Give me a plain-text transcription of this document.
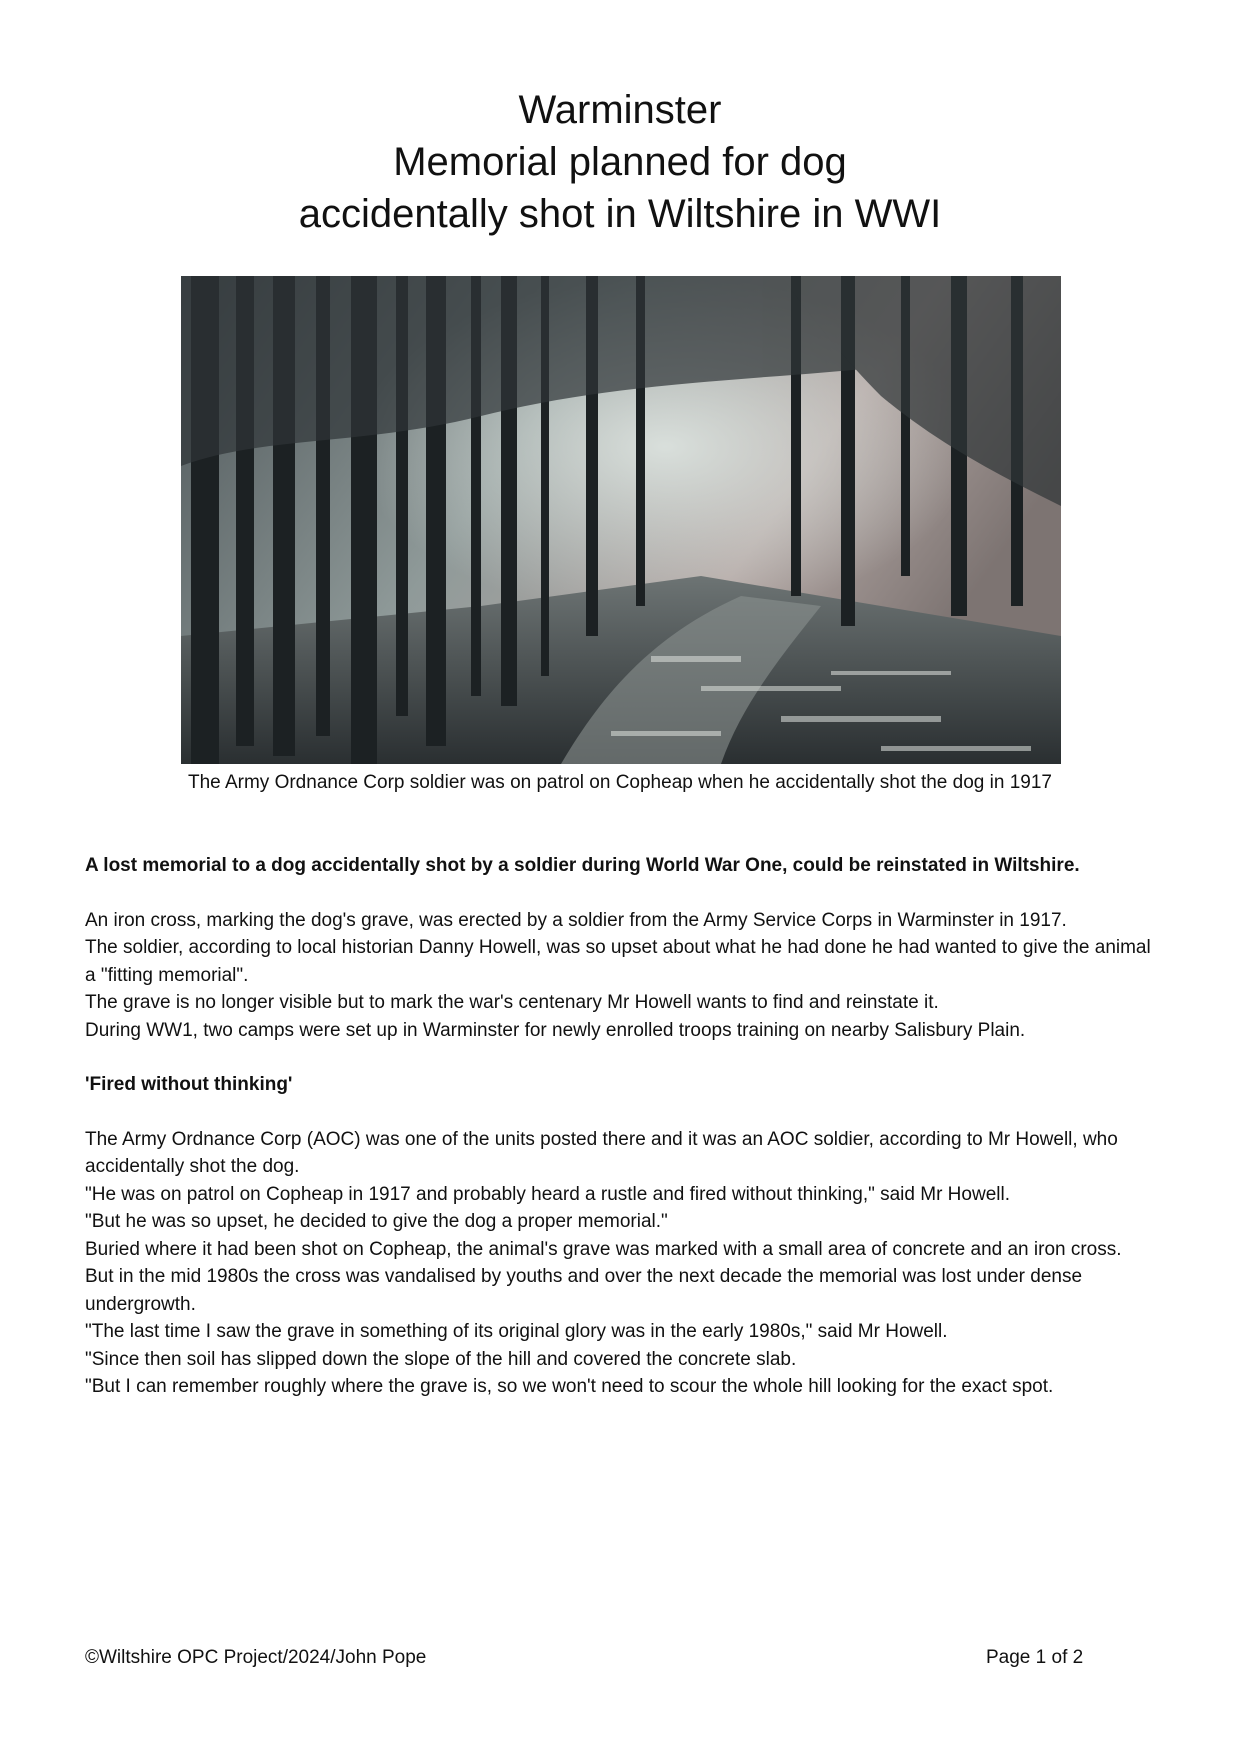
Warminster
Memorial planned for dog
accidentally shot in Wiltshire in WWI
The Army Ordnance Corp soldier was on patrol on Copheap when he accidentally shot the dog in 1917

A lost memorial to a dog accidentally shot by a soldier during World War One, could be reinstated in Wiltshire.

An iron cross, marking the dog's grave, was erected by a soldier from the Army Service Corps in Warminster in 1917.

The soldier, according to local historian Danny Howell, was so upset about what he had done he had wanted to give the animal a "fitting memorial".

The grave is no longer visible but to mark the war's centenary Mr Howell wants to find and reinstate it.

During WW1, two camps were set up in Warminster for newly enrolled troops training on nearby Salisbury Plain.

'Fired without thinking'

The Army Ordnance Corp (AOC) was one of the units posted there and it was an AOC soldier, according to Mr Howell, who accidentally shot the dog.

"He was on patrol on Copheap in 1917 and probably heard a rustle and fired without thinking," said Mr Howell.

"But he was so upset, he decided to give the dog a proper memorial."

Buried where it had been shot on Copheap, the animal's grave was marked with a small area of concrete and an iron cross.

But in the mid 1980s the cross was vandalised by youths and over the next decade the memorial was lost under dense undergrowth.

"The last time I saw the grave in something of its original glory was in the early 1980s," said Mr Howell.

"Since then soil has slipped down the slope of the hill and covered the concrete slab.

"But I can remember roughly where the grave is, so we won't need to scour the whole hill looking for the exact spot.

©Wiltshire OPC Project/2024/John Pope	Page 1 of 2
